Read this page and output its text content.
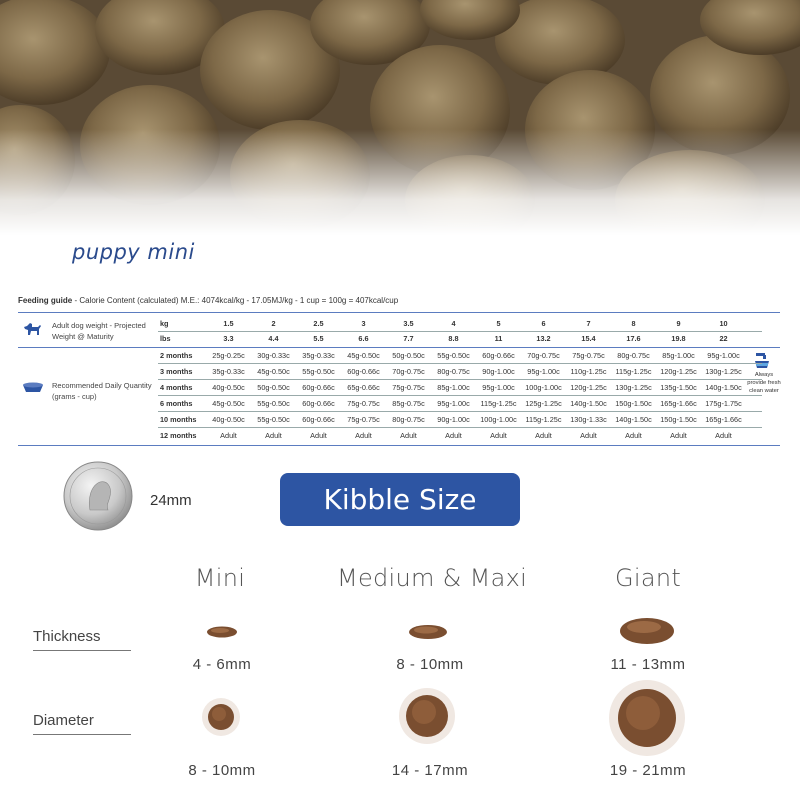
puppy mini
Feeding guide - Calorie Content (calculated) M.E.: 4074kcal/kg - 17.05MJ/kg - 1 cup = 100g = 407kcal/cup
Adult dog weight - Projected
Weight @ Maturity
Recommended Daily Quantity
(grams - cup)
Always
provide fresh
clean water
kg	1.5	2	2.5	3	3.5	4	5	6	7	8	9	10
lbs	3.3	4.4	5.5	6.6	7.7	8.8	11	13.2	15.4	17.6	19.8	22
2 months	25g-0.25c	30g-0.33c	35g-0.33c	45g-0.50c	50g-0.50c	55g-0.50c	60g-0.66c	70g-0.75c	75g-0.75c	80g-0.75c	85g-1.00c	95g-1.00c
3 months	35g-0.33c	45g-0.50c	55g-0.50c	60g-0.66c	70g-0.75c	80g-0.75c	90g-1.00c	95g-1.00c	110g-1.25c	115g-1.25c	120g-1.25c	130g-1.25c
4 months	40g-0.50c	50g-0.50c	60g-0.66c	65g-0.66c	75g-0.75c	85g-1.00c	95g-1.00c	100g-1.00c	120g-1.25c	130g-1.25c	135g-1.50c	140g-1.50c
6 months	45g-0.50c	55g-0.50c	60g-0.66c	75g-0.75c	85g-0.75c	95g-1.00c	115g-1.25c	125g-1.25c	140g-1.50c	150g-1.50c	165g-1.66c	175g-1.75c
10 months	40g-0.50c	55g-0.50c	60g-0.66c	75g-0.75c	80g-0.75c	90g-1.00c	100g-1.00c	115g-1.25c	130g-1.33c	140g-1.50c	150g-1.50c	165g-1.66c
12 months	Adult	Adult	Adult	Adult	Adult	Adult	Adult	Adult	Adult	Adult	Adult	Adult
24mm	Kibble Size
Mini	Medium & Maxi	Giant
Thickness
4 - 6mm	8 - 10mm	11 - 13mm
Diameter
8 - 10mm	14 - 17mm	19 - 21mm
